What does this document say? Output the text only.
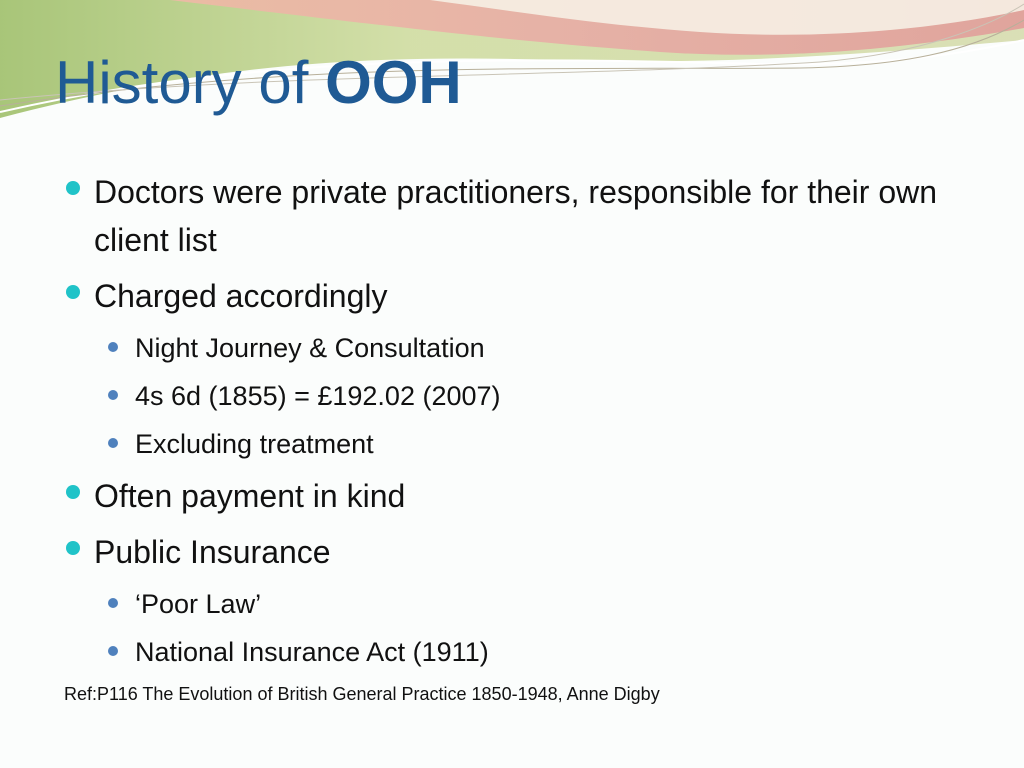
History of OOH
Doctors were private practitioners, responsible for their own client list
Charged accordingly
Night Journey & Consultation
4s 6d (1855) = £192.02 (2007)
Excluding treatment
Often payment in kind
Public Insurance
‘Poor Law’
National Insurance Act (1911)
Ref:P116 The Evolution of British General Practice 1850-1948, Anne Digby
